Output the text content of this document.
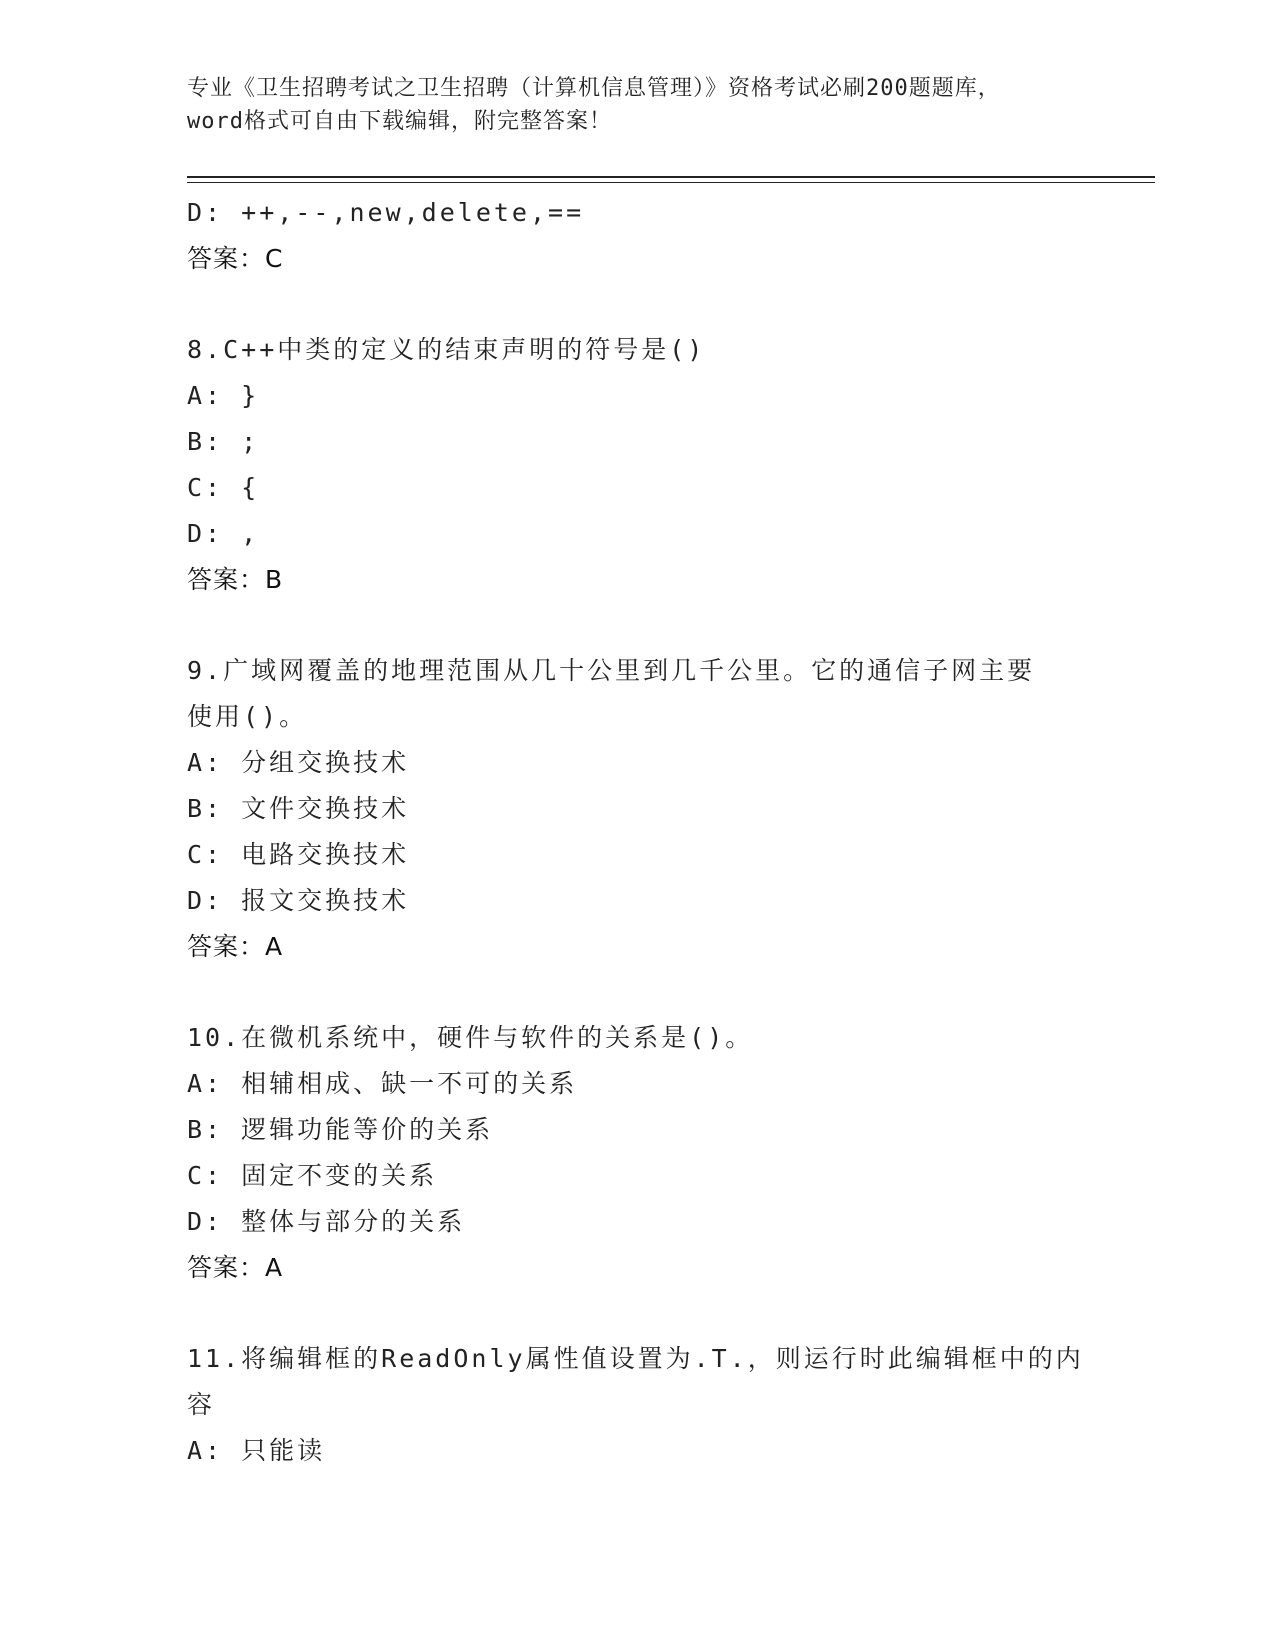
专业《卫生招聘考试之卫生招聘（计算机信息管理）》资格考试必刷200题题库，
word格式可自由下载编辑，附完整答案！
D: ++,--,new,delete,==
答案：C
8.C++中类的定义的结束声明的符号是()
A: }
B: ;
C: {
D: ,
答案：B
9.广域网覆盖的地理范围从几十公里到几千公里。它的通信子网主要
使用()。
A: 分组交换技术
B: 文件交换技术
C: 电路交换技术
D: 报文交换技术
答案：A
10.在微机系统中，硬件与软件的关系是()。
A: 相辅相成、缺一不可的关系
B: 逻辑功能等价的关系
C: 固定不变的关系
D: 整体与部分的关系
答案：A
11.将编辑框的ReadOnly属性值设置为.T.，则运行时此编辑框中的内
容
A: 只能读
